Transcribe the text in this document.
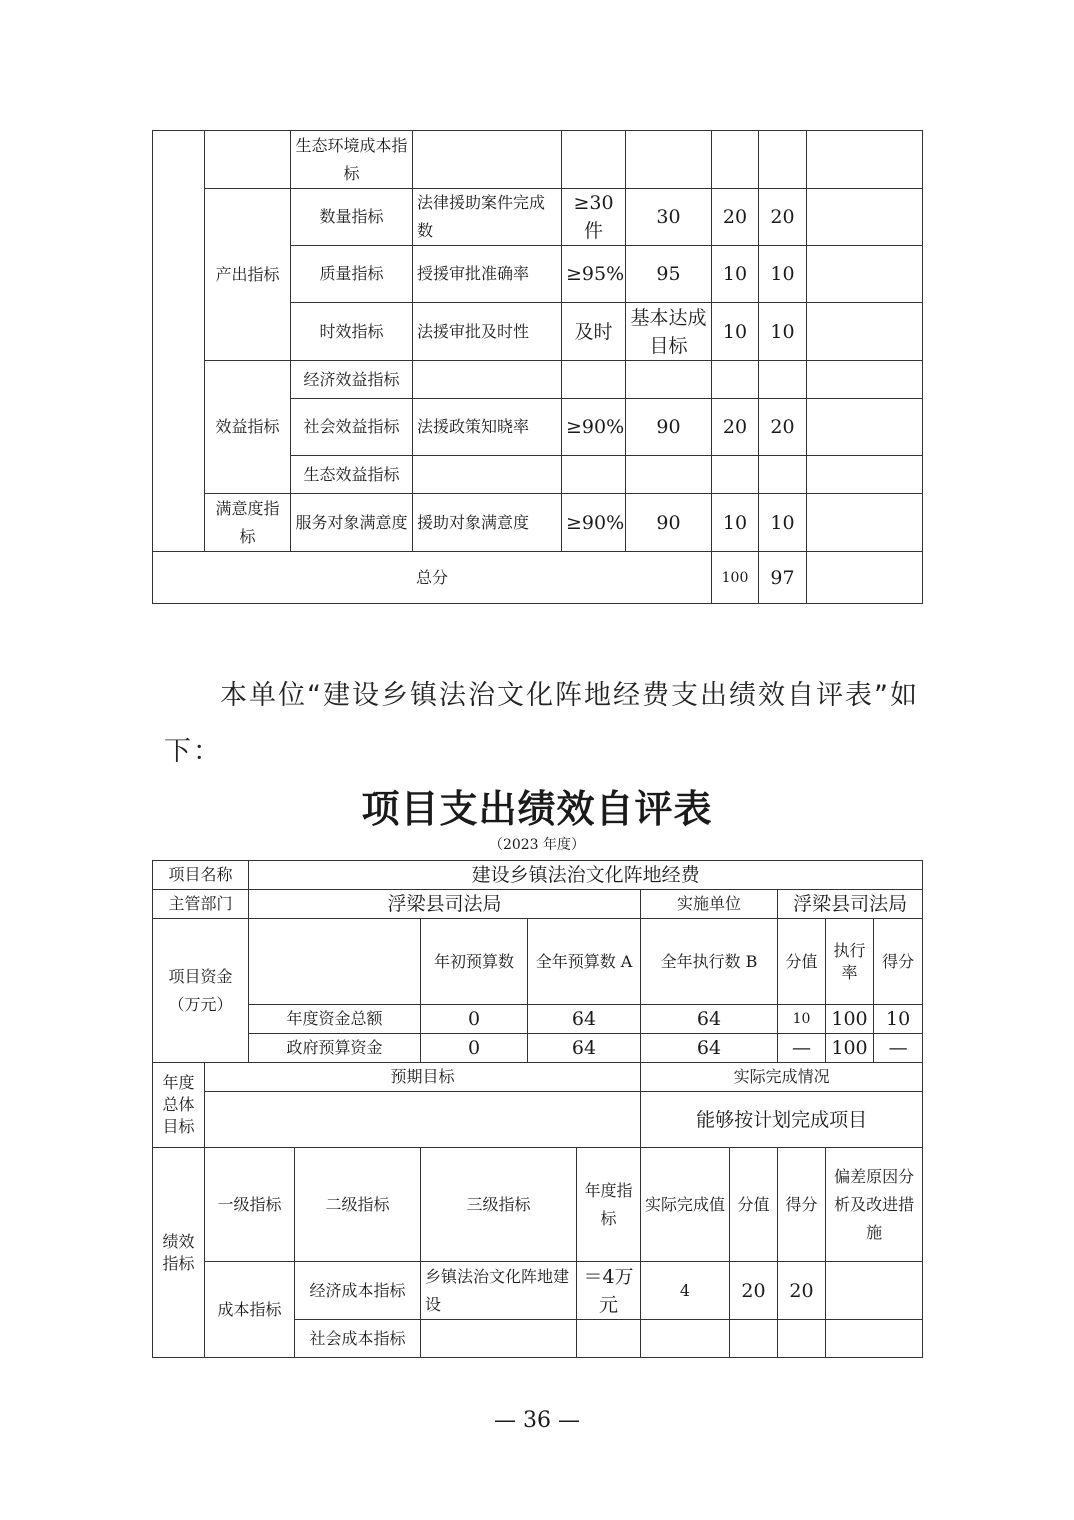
		生态环境成本指标						
	产出指标	数量指标	法律援助案件完成数	≥30件	30	20	20	
		质量指标	授援审批准确率	≥95%	95	10	10	
		时效指标	法援审批及时性	及时	基本达成目标	10	10	
	效益指标	经济效益指标						
		社会效益指标	法援政策知晓率	≥90%	90	20	20	
		生态效益指标						
	满意度指标	服务对象满意度	援助对象满意度	≥90%	90	10	10	
总分						100	97	
本单位“建设乡镇法治文化阵地经费支出绩效自评表”如下：
项目支出绩效自评表
（2023 年度）
项目名称		建设乡镇法治文化阵地经费									
主管部门		浮梁县司法局					实施单位		浮梁县司法局		
项目资金（万元）				年初预算数	全年预算数 A		全年执行数 B		分值	执行率	得分
		年度资金总额		0	64		64		10	100	10
		政府预算资金		0	64		64		—	100	—
年度总体目标	预期目标						实际完成情况				
							能够按计划完成项目				
绩效指标	一级指标		二级指标	三级指标		年度指标	实际完成值	分值	得分	偏差原因分析及改进措施	
	成本指标		经济成本指标	乡镇法治文化阵地建设		＝4万元	4	20	20		
			社会成本指标								
— 36 —
